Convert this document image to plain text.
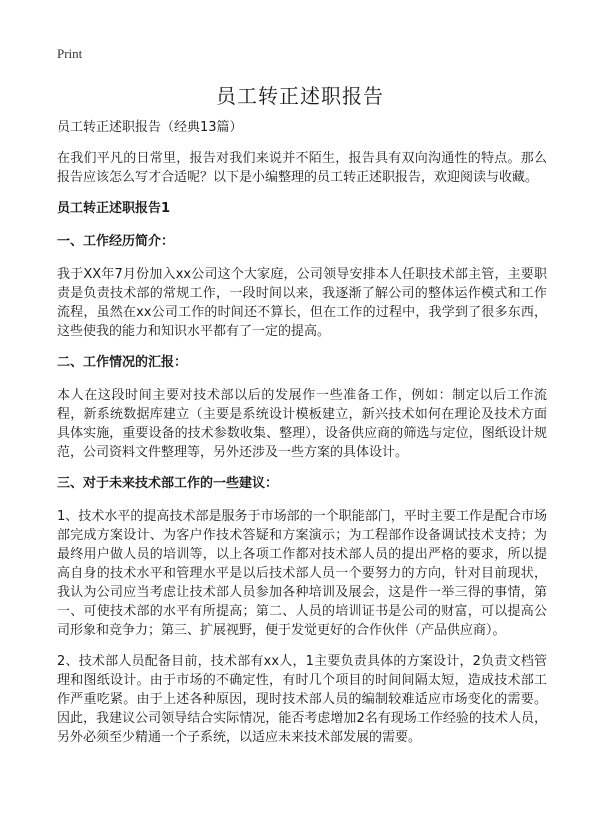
Print
员工转正述职报告

员工转正述职报告（经典13篇）

在我们平凡的日常里，报告对我们来说并不陌生，报告具有双向沟通性的特点。那么报告应该怎么写才合适呢？以下是小编整理的员工转正述职报告，欢迎阅读与收藏。

员工转正述职报告1

一、工作经历简介：

我于XX年7月份加入xx公司这个大家庭，公司领导安排本人任职技术部主管，主要职责是负责技术部的常规工作，一段时间以来，我逐渐了解公司的整体运作模式和工作流程，虽然在xx公司工作的时间还不算长，但在工作的过程中，我学到了很多东西，这些使我的能力和知识水平都有了一定的提高。

二、工作情况的汇报：

本人在这段时间主要对技术部以后的发展作一些准备工作，例如：制定以后工作流程，新系统数据库建立（主要是系统设计模板建立，新兴技术如何在理论及技术方面具体实施，重要设备的技术参数收集、整理），设备供应商的筛选与定位，图纸设计规范，公司资料文件整理等，另外还涉及一些方案的具体设计。

三、对于未来技术部工作的一些建议：

1、技术水平的提高技术部是服务于市场部的一个职能部门，平时主要工作是配合市场部完成方案设计、为客户作技术答疑和方案演示；为工程部作设备调试技术支持；为最终用户做人员的培训等，以上各项工作都对技术部人员的提出严格的要求，所以提高自身的技术水平和管理水平是以后技术部人员一个要努力的方向，针对目前现状，我认为公司应当考虑让技术部人员参加各种培训及展会，这是件一举三得的事情，第一、可使技术部的水平有所提高；第二、人员的培训证书是公司的财富，可以提高公司形象和竞争力；第三、扩展视野，便于发觉更好的合作伙伴（产品供应商）。

2、技术部人员配备目前，技术部有xx人，1主要负责具体的方案设计，2负责文档管理和图纸设计。由于市场的不确定性，有时几个项目的时间间隔太短，造成技术部工作严重吃紧。由于上述各种原因，现时技术部人员的编制较难适应市场变化的需要。因此，我建议公司领导结合实际情况，能否考虑增加2名有现场工作经验的技术人员，另外必须至少精通一个子系统，以适应未来技术部发展的需要。
